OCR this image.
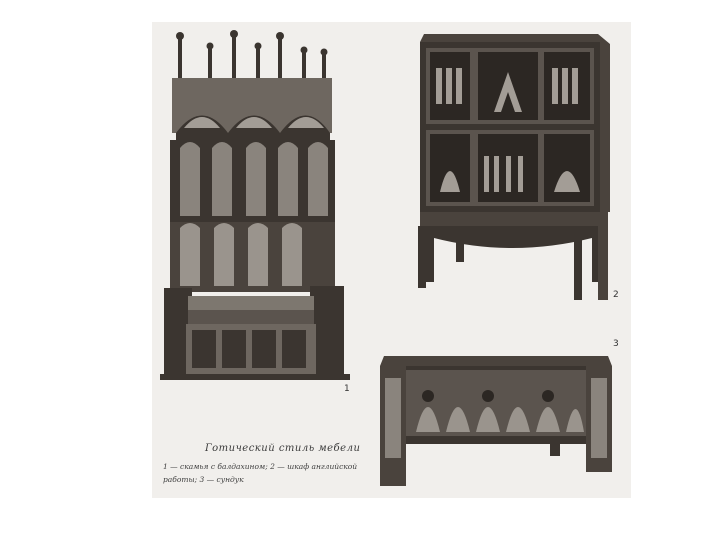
1
2
3
Готический стиль мебели
1 — скамья с балдахином; 2 — шкаф английской работы; 3 — сундук
